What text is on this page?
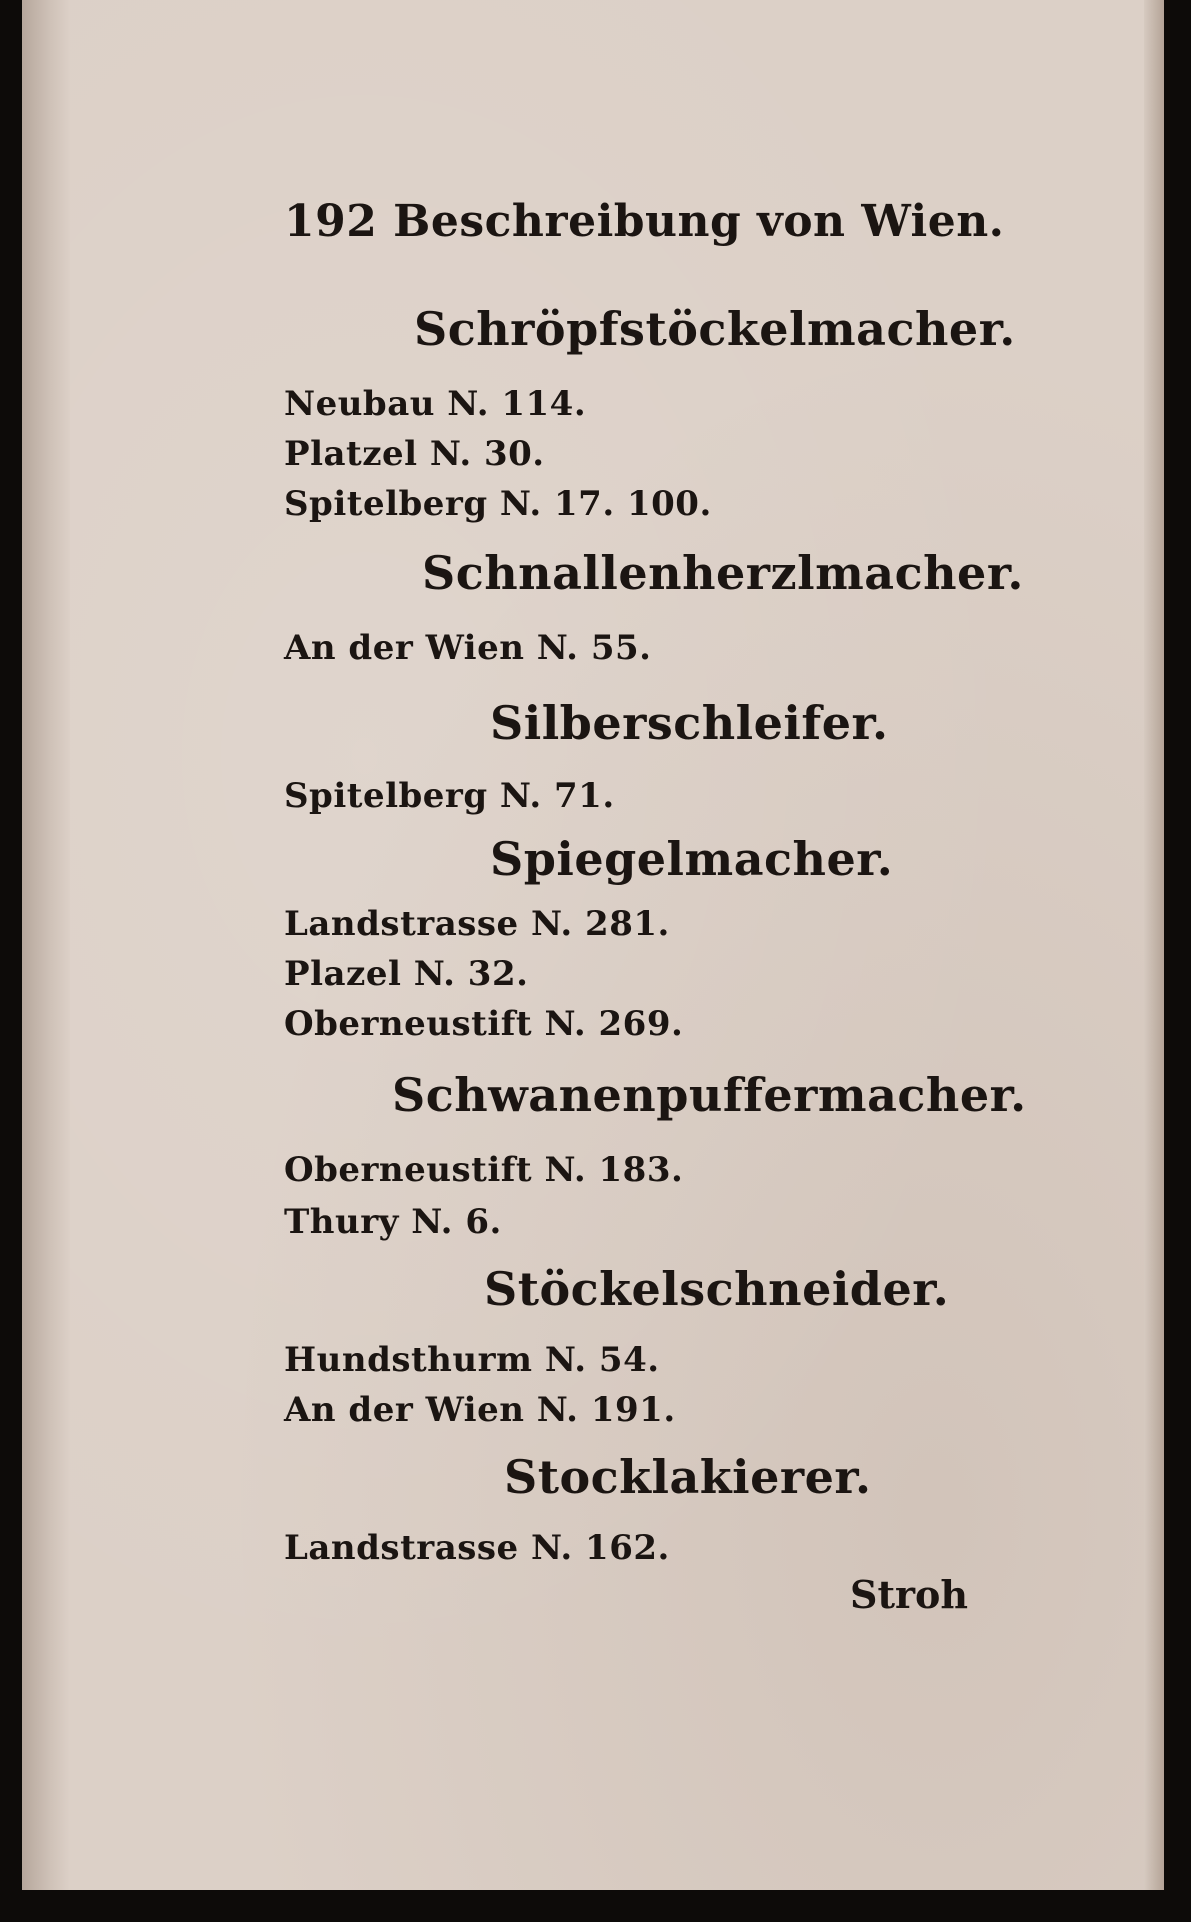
192 Beschreibung von Wien.
Schröpfstöckelmacher.
Neubau N. 114.
Platzel N. 30.
Spitelberg N. 17. 100.
Schnallenherzlmacher.
An der Wien N. 55.
Silberschleifer.
Spitelberg N. 71.
Spiegelmacher.
Landstrasse N. 281.
Plazel N. 32.
Oberneustift N. 269.
Schwanenpuffermacher.
Oberneustift N. 183.
Thury N. 6.
Stöckelschneider.
Hundsthurm N. 54.
An der Wien N. 191.
Stocklakierer.
Landstrasse N. 162.
Stroh
